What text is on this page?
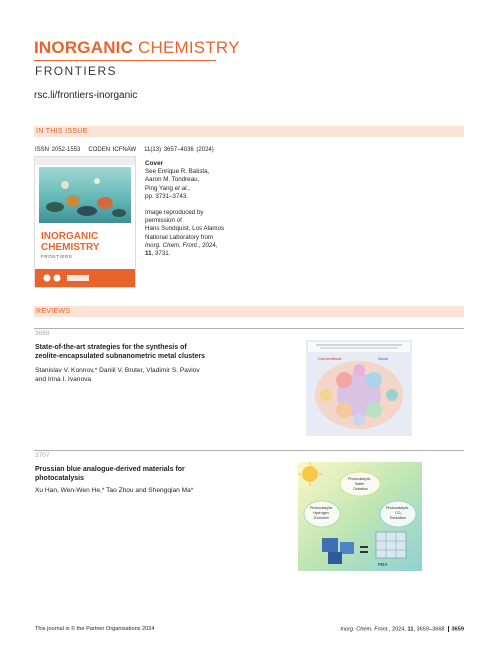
INORGANIC CHEMISTRY
FRONTIERS
rsc.li/frontiers-inorganic
IN THIS ISSUE
ISSN 2052-1553 CODEN ICFNAW 11(13) 3657–4036 (2024)
INORGANIC
CHEMISTRY
FRONTIERS

Cover

See Enrique R. Batista,

Aaron M. Tondreau,

Ping Yang et al.,

pp. 3731–3743.

Image reproduced by

permission of

Hans Sundquist, Los Alamos

National Laboratory from

Inorg. Chem. Front., 2024,

11, 3731.

REVIEWS
3669
State-of-the-art strategies for the synthesis of
zeolite-encapsulated subnanometric metal clusters
Stanislav V. Konnov,* Daniil V. Bruter, Vladimir S. Pavlov
and Irina I. Ivanova
Conventional	Novel
3707
Prussian blue analogue-derived materials for
photocatalysis
Xu Han, Wen-Wen He,* Tao Zhou and Shengqian Ma*
Photocatalytic
Water
Oxidation
Photocatalytic
Hydrogen
Evolution
Photocatalytic
CO₂
Reduction
PBA
This journal is © the Partner Organisations 2024	Inorg. Chem. Front., 2024, 11, 3659–3668 3659
